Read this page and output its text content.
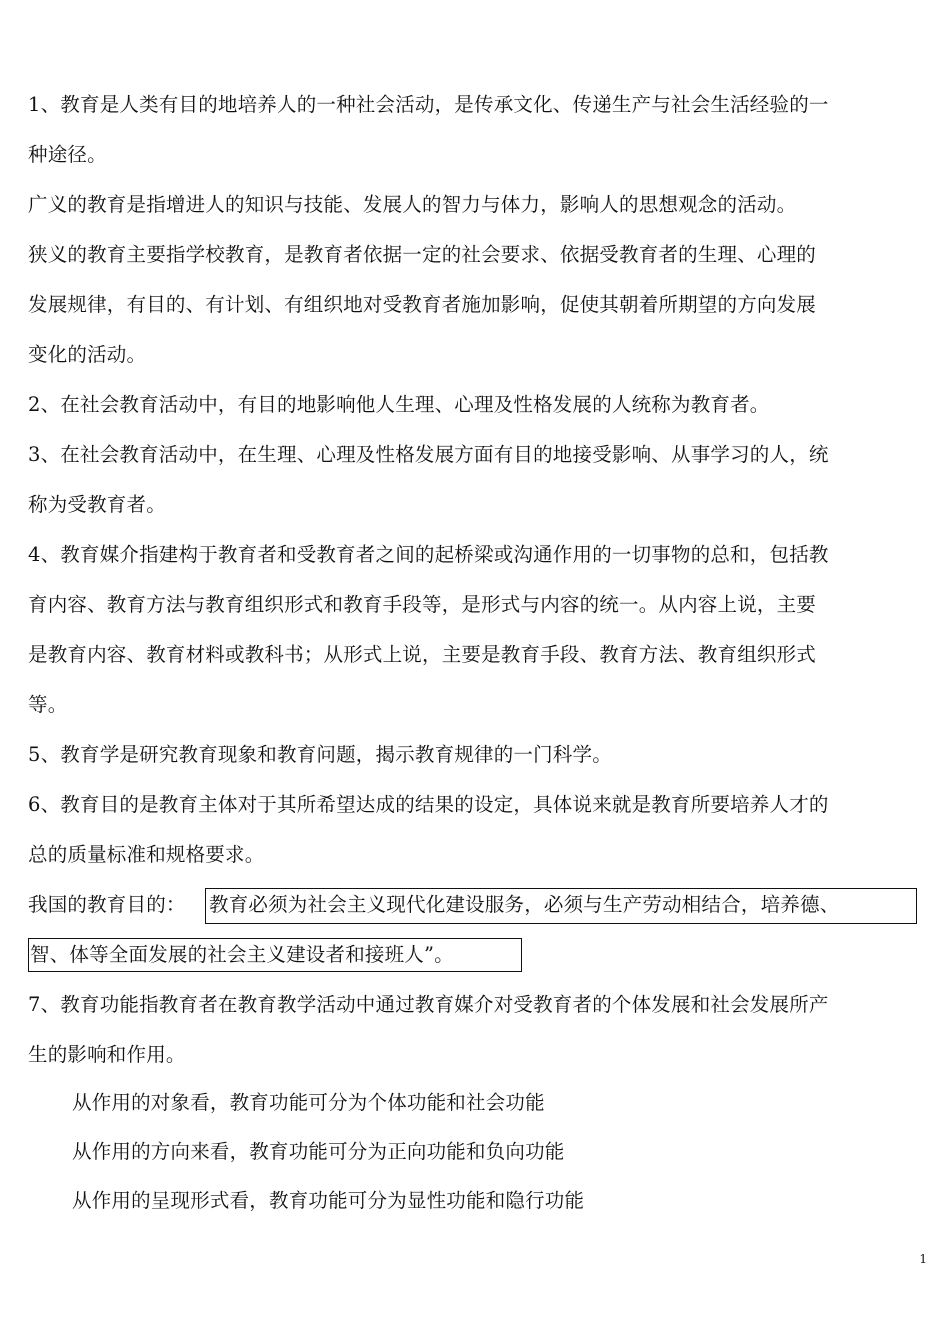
1、教育是人类有目的地培养人的一种社会活动，是传承文化、传递生产与社会生活经验的一
种途径。
广义的教育是指增进人的知识与技能、发展人的智力与体力，影响人的思想观念的活动。
狭义的教育主要指学校教育，是教育者依据一定的社会要求、依据受教育者的生理、心理的
发展规律，有目的、有计划、有组织地对受教育者施加影响，促使其朝着所期望的方向发展
变化的活动。
2、在社会教育活动中，有目的地影响他人生理、心理及性格发展的人统称为教育者。
3、在社会教育活动中，在生理、心理及性格发展方面有目的地接受影响、从事学习的人，统
称为受教育者。
4、教育媒介指建构于教育者和受教育者之间的起桥梁或沟通作用的一切事物的总和，包括教
育内容、教育方法与教育组织形式和教育手段等，是形式与内容的统一。从内容上说，主要
是教育内容、教育材料或教科书；从形式上说，主要是教育手段、教育方法、教育组织形式
等。
5、教育学是研究教育现象和教育问题，揭示教育规律的一门科学。
6、教育目的是教育主体对于其所希望达成的结果的设定，具体说来就是教育所要培养人才的
总的质量标准和规格要求。
我国的教育目的： 教育必须为社会主义现代化建设服务，必须与生产劳动相结合，培养德、
智、体等全面发展的社会主义建设者和接班人”。
7、教育功能指教育者在教育教学活动中通过教育媒介对受教育者的个体发展和社会发展所产
生的影响和作用。
从作用的对象看，教育功能可分为个体功能和社会功能
从作用的方向来看，教育功能可分为正向功能和负向功能
从作用的呈现形式看，教育功能可分为显性功能和隐行功能
1
